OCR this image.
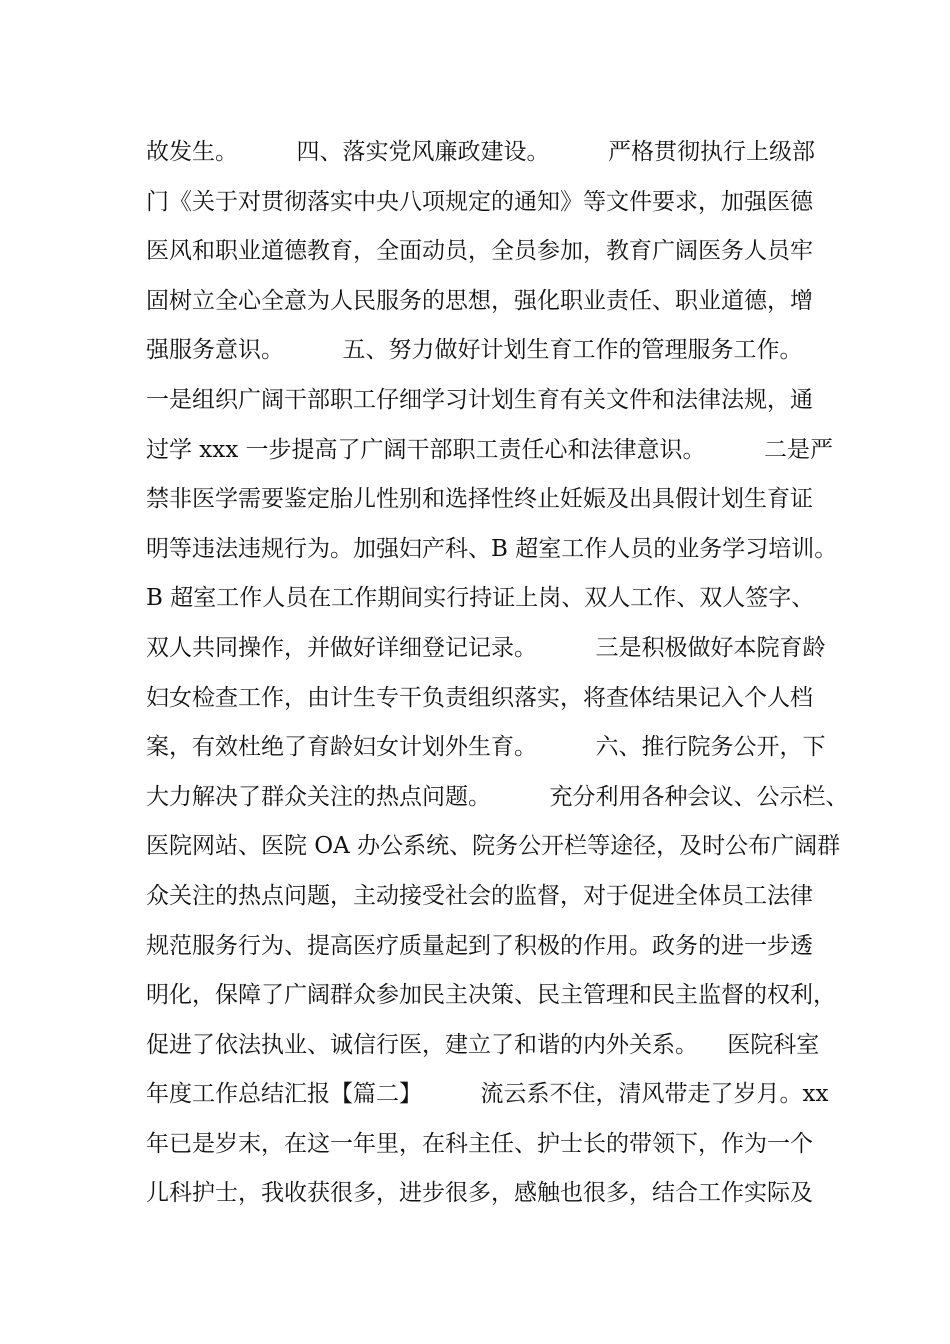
故发生。        四、落实党风廉政建设。        严格贯彻执行上级部
门《关于对贯彻落实中央八项规定的通知》等文件要求，加强医德
医风和职业道德教育，全面动员，全员参加，教育广阔医务人员牢
固树立全心全意为人民服务的思想，强化职业责任、职业道德，增
强服务意识。        五、努力做好计划生育工作的管理服务工作。
一是组织广阔干部职工仔细学习计划生育有关文件和法律法规，通
过学 xxx 一步提高了广阔干部职工责任心和法律意识。        二是严
禁非医学需要鉴定胎儿性别和选择性终止妊娠及出具假计划生育证
明等违法违规行为。加强妇产科、B 超室工作人员的业务学习培训。
B 超室工作人员在工作期间实行持证上岗、双人工作、双人签字、
双人共同操作，并做好详细登记记录。        三是积极做好本院育龄
妇女检查工作，由计生专干负责组织落实，将查体结果记入个人档
案，有效杜绝了育龄妇女计划外生育。        六、推行院务公开，下
大力解决了群众关注的热点问题。        充分利用各种会议、公示栏、
医院网站、医院 OA 办公系统、院务公开栏等途径，及时公布广阔群
众关注的热点问题，主动接受社会的监督，对于促进全体员工法律
规范服务行为、提高医疗质量起到了积极的作用。政务的进一步透
明化，保障了广阔群众参加民主决策、民主管理和民主监督的权利，
促进了依法执业、诚信行医，建立了和谐的内外关系。    医院科室
年度工作总结汇报【篇二】        流云系不住，清风带走了岁月。xx
年已是岁末，在这一年里，在科主任、护士长的带领下，作为一个
儿科护士，我收获很多，进步很多，感触也很多，结合工作实际及
